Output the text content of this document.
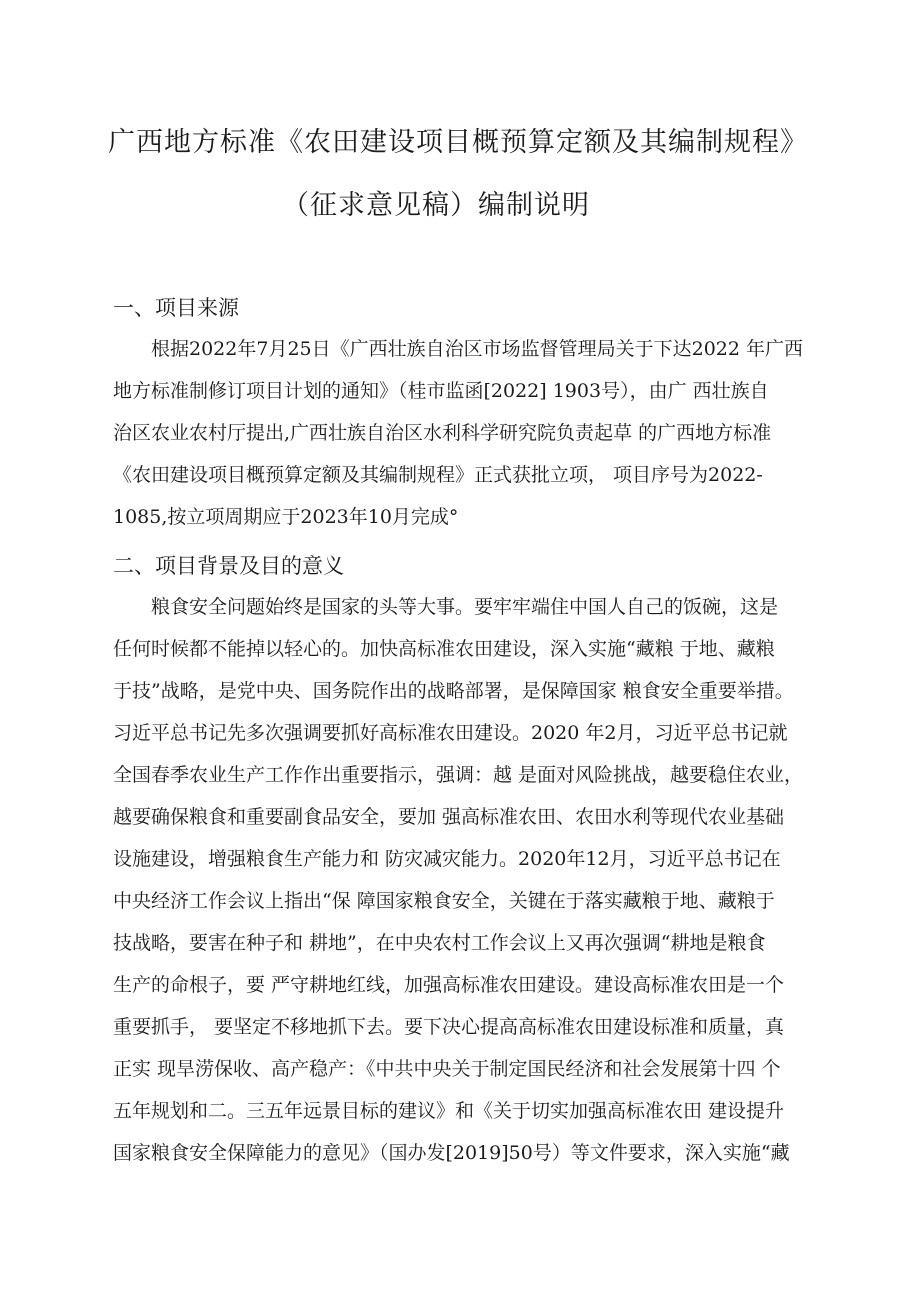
广西地方标准《农田建设项目概预算定额及其编制规程》
（征求意见稿）编制说明
一、项目来源
根据2022年7月25日《广西壮族自治区市场监督管理局关于下达2022 年广西
地方标准制修订项目计划的通知》（桂市监函[2022] 1903号），由广 西壮族自
治区农业农村厅提出,广西壮族自治区水利科学研究院负责起草 的广西地方标准
《农田建设项目概预算定额及其编制规程》正式获批立项， 项目序号为2022-
1085,按立项周期应于2023年10月完成°
二、项目背景及目的意义
粮食安全问题始终是国家的头等大事。要牢牢端住中国人自己的饭碗，这是
任何时候都不能掉以轻心的。加快高标准农田建设，深入实施“藏粮 于地、藏粮
于技”战略，是党中央、国务院作出的战略部署，是保障国家 粮食安全重要举措。
习近平总书记先多次强调要抓好高标准农田建设。2020 年2月，习近平总书记就
全国春季农业生产工作作出重要指示，强调：越 是面对风险挑战，越要稳住农业，
越要确保粮食和重要副食品安全，要加 强高标准农田、农田水利等现代农业基础
设施建设，增强粮食生产能力和 防灾减灾能力。2020年12月，习近平总书记在
中央经济工作会议上指出“保 障国家粮食安全，关键在于落实藏粮于地、藏粮于
技战略，要害在种子和 耕地”，在中央农村工作会议上又再次强调“耕地是粮食
生产的命根子，要 严守耕地红线，加强高标准农田建设。建设高标准农田是一个
重要抓手， 要坚定不移地抓下去。要下决心提高高标准农田建设标准和质量，真
正实 现旱涝保收、高产稳产：《中共中央关于制定国民经济和社会发展第十四 个
五年规划和二。三五年远景目标的建议》和《关于切实加强高标准农田 建设提升
国家粮食安全保障能力的意见》（国办发[2019]50号）等文件要求，深入实施“藏
